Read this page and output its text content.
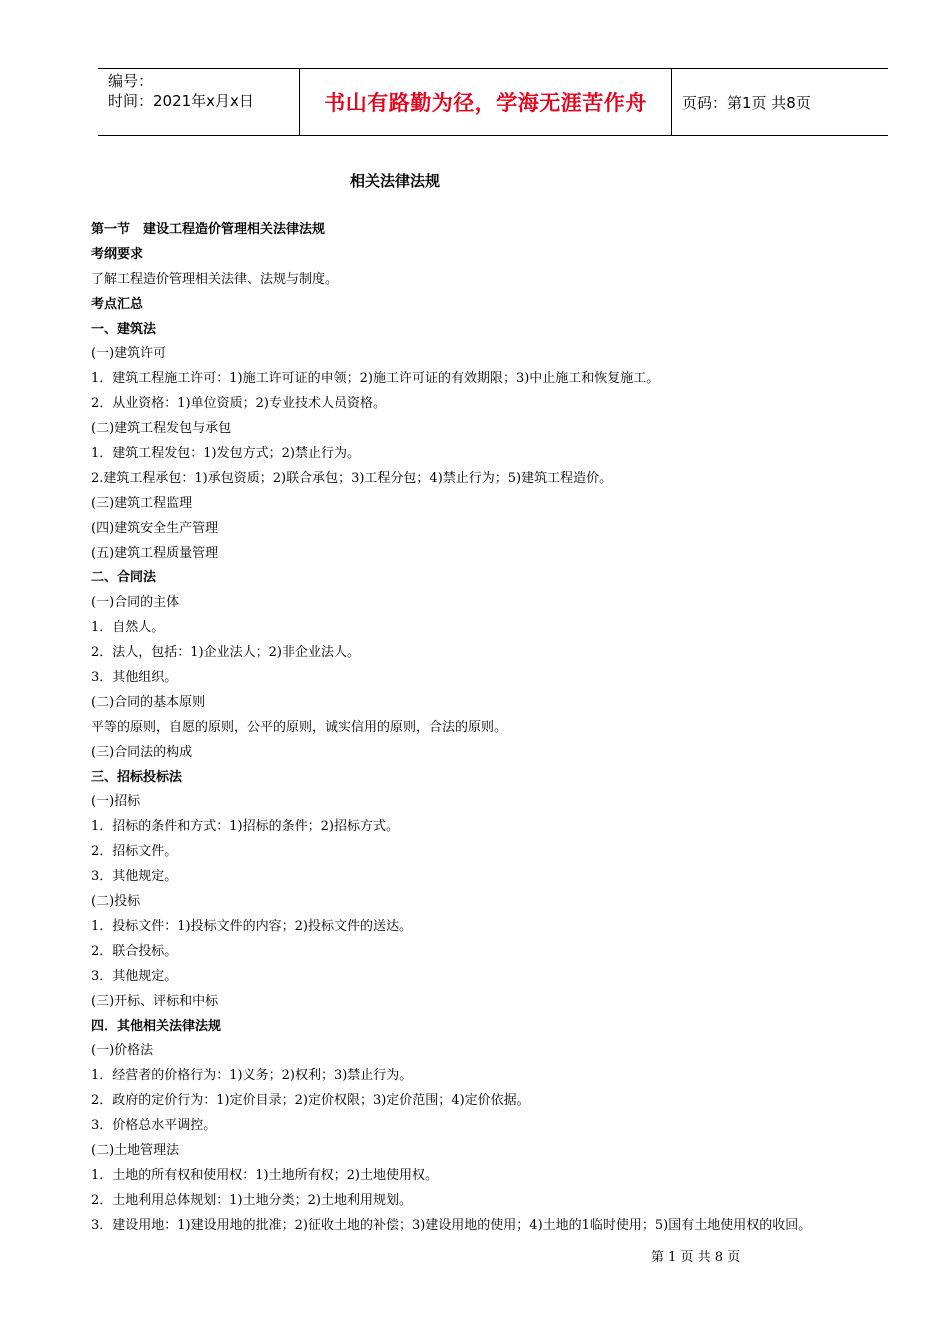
编号：
时间：2021年x月x日	书山有路勤为径，学海无涯苦作舟 页码：第1页 共8页
相关法律法规
第一节　建设工程造价管理相关法律法规
考纲要求
了解工程造价管理相关法律、法规与制度。
考点汇总
一、建筑法
(一)建筑许可
1．建筑工程施工许可：1)施工许可证的申领；2)施工许可证的有效期限；3)中止施工和恢复施工。
2．从业资格：1)单位资质；2)专业技术人员资格。
(二)建筑工程发包与承包
1．建筑工程发包：1)发包方式；2)禁止行为。
2.建筑工程承包：1)承包资质；2)联合承包；3)工程分包；4)禁止行为；5)建筑工程造价。
(三)建筑工程监理
(四)建筑安全生产管理
(五)建筑工程质量管理
二、合同法
(一)合同的主体
1．自然人。
2．法人，包括：1)企业法人；2)非企业法人。
3．其他组织。
(二)合同的基本原则
平等的原则，自愿的原则，公平的原则，诚实信用的原则，合法的原则。
(三)合同法的构成
三、招标投标法
(一)招标
1．招标的条件和方式：1)招标的条件；2)招标方式。
2．招标文件。
3．其他规定。
(二)投标
1．投标文件：1)投标文件的内容；2)投标文件的送达。
2．联合投标。
3．其他规定。
(三)开标、评标和中标
四．其他相关法律法规
(一)价格法
1．经营者的价格行为：1)义务；2)权利；3)禁止行为。
2．政府的定价行为：1)定价目录；2)定价权限；3)定价范围；4)定价依据。
3．价格总水平调控。
(二)土地管理法
1．土地的所有权和使用权：1)土地所有权；2)土地使用权。
2．土地利用总体规划：1)土地分类；2)土地利用规划。
3．建设用地：1)建设用地的批准；2)征收土地的补偿；3)建设用地的使用；4)土地的1临时使用；5)国有土地使用权的收回。
第 1 页 共 8 页
